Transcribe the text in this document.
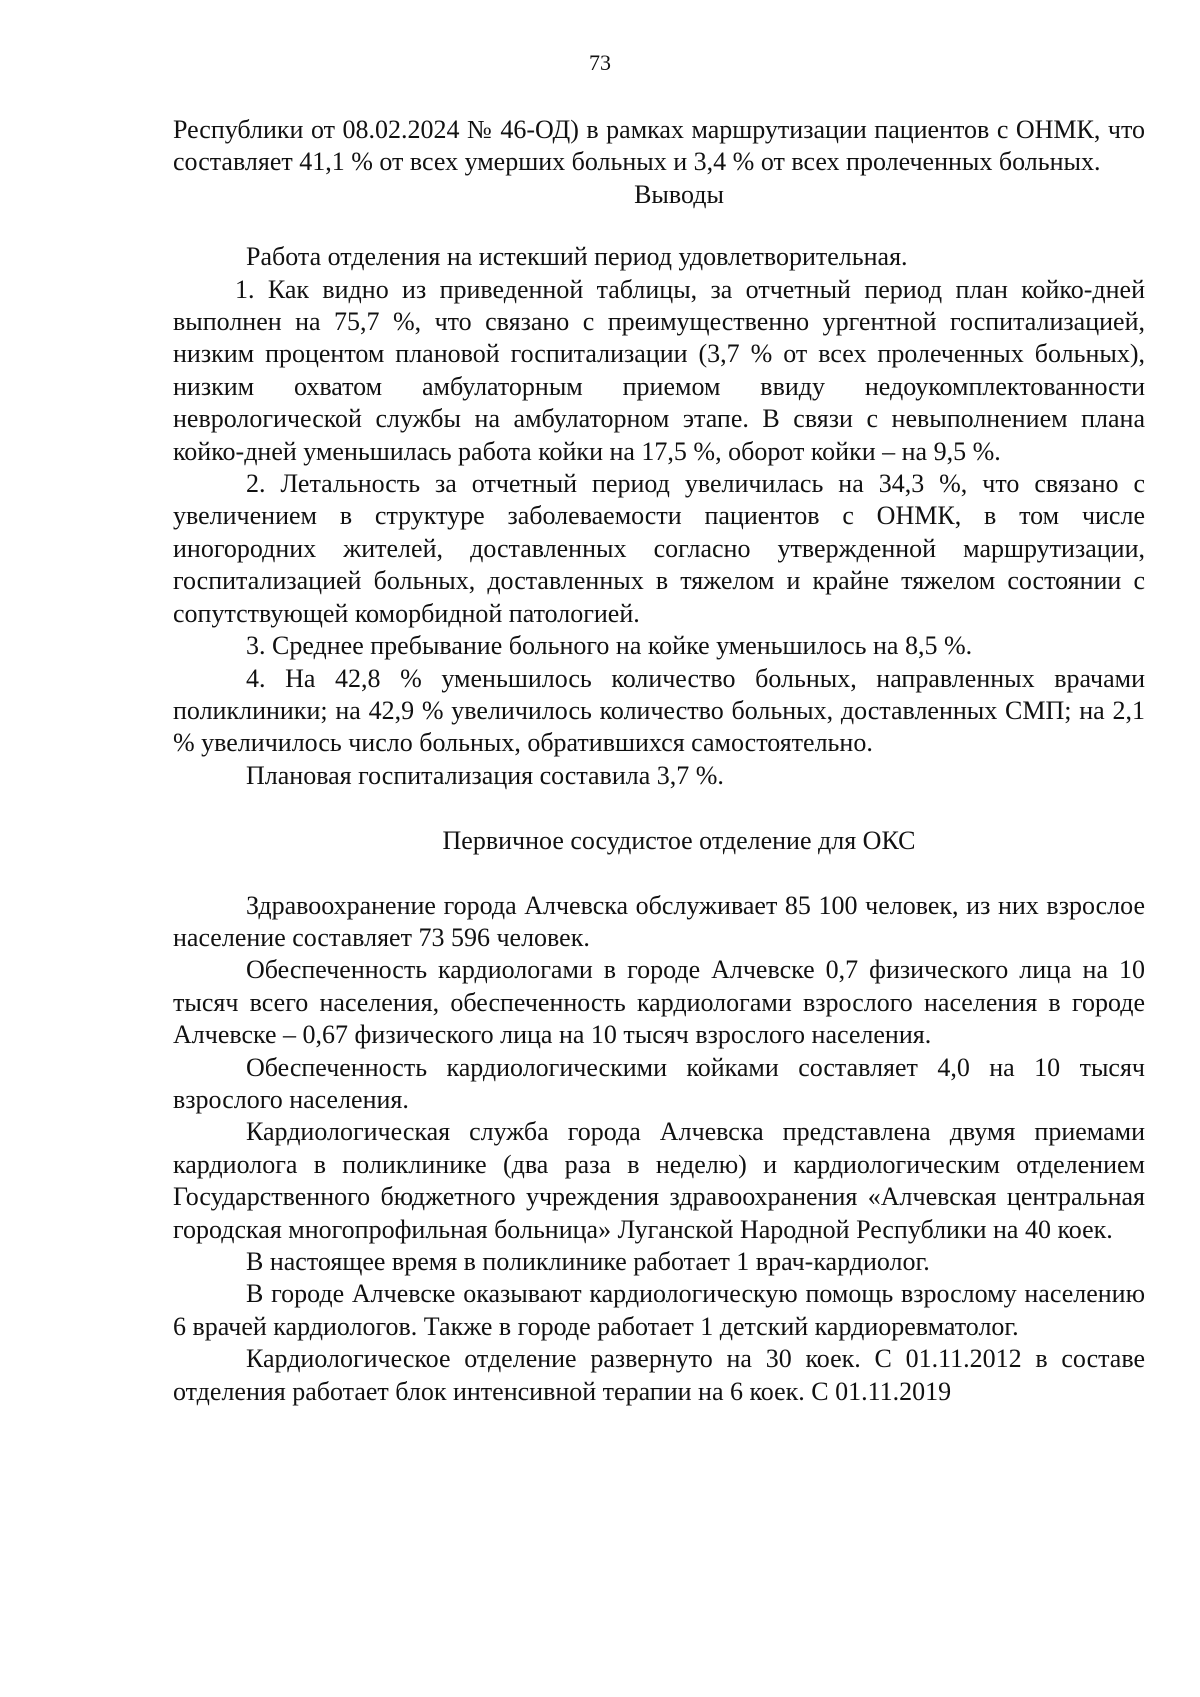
73

Республики от 08.02.2024 № 46-ОД) в рамках маршрутизации пациентов с ОНМК, что составляет 41,1 % от всех умерших больных и 3,4 % от всех пролеченных больных.

Выводы

Работа отделения на истекший период удовлетворительная.

1. Как видно из приведенной таблицы, за отчетный период план койко-дней выполнен на 75,7 %, что связано с преимущественно ургентной госпитализацией, низким процентом плановой госпитализации (3,7 % от всех пролеченных больных), низким охватом амбулаторным приемом ввиду недоукомплектованности неврологической службы на амбулаторном этапе. В связи с невыполнением плана койко-дней уменьшилась работа койки на 17,5 %, оборот койки – на 9,5 %.

2. Летальность за отчетный период увеличилась на 34,3 %, что связано с увеличением в структуре заболеваемости пациентов с ОНМК, в том числе иногородних жителей, доставленных согласно утвержденной маршрутизации, госпитализацией больных, доставленных в тяжелом и крайне тяжелом состоянии с сопутствующей коморбидной патологией.

3. Среднее пребывание больного на койке уменьшилось на 8,5 %.

4. На 42,8 % уменьшилось количество больных, направленных врачами поликлиники; на 42,9 % увеличилось количество больных, доставленных СМП; на 2,1 % увеличилось число больных, обратившихся самостоятельно.

Плановая госпитализация составила 3,7 %.

Первичное сосудистое отделение для ОКС

Здравоохранение города Алчевска обслуживает 85 100 человек, из них взрослое население составляет 73 596 человек.

Обеспеченность кардиологами в городе Алчевске 0,7 физического лица на 10 тысяч всего населения, обеспеченность кардиологами взрослого населения в городе Алчевске – 0,67 физического лица на 10 тысяч взрослого населения.

Обеспеченность кардиологическими койками составляет 4,0 на 10 тысяч взрослого населения.

Кардиологическая служба города Алчевска представлена двумя приемами кардиолога в поликлинике (два раза в неделю) и кардиологическим отделением Государственного бюджетного учреждения здравоохранения «Алчевская центральная городская многопрофильная больница» Луганской Народной Республики на 40 коек.

В настоящее время в поликлинике работает 1 врач-кардиолог.

В городе Алчевске оказывают кардиологическую помощь взрослому населению 6 врачей кардиологов. Также в городе работает 1 детский кардиоревматолог.

Кардиологическое отделение развернуто на 30 коек. С 01.11.2012 в составе отделения работает блок интенсивной терапии на 6 коек. С 01.11.2019
